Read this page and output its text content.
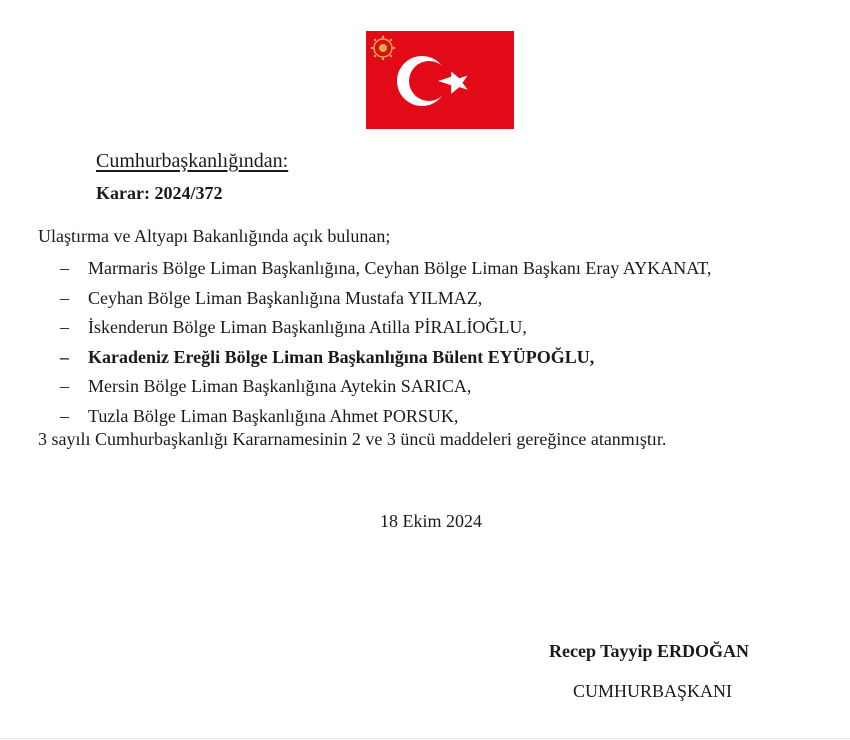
Cumhurbaşkanlığından:
Karar: 2024/372
Ulaştırma ve Altyapı Bakanlığında açık bulunan;
–	Marmaris Bölge Liman Başkanlığına, Ceyhan Bölge Liman Başkanı Eray AYKANAT,
–	Ceyhan Bölge Liman Başkanlığına Mustafa YILMAZ,
–	İskenderun Bölge Liman Başkanlığına Atilla PİRALİOĞLU,
–	Karadeniz Ereğli Bölge Liman Başkanlığına Bülent EYÜPOĞLU,
–	Mersin Bölge Liman Başkanlığına Aytekin SARICA,
–	Tuzla Bölge Liman Başkanlığına Ahmet PORSUK,
3 sayılı Cumhurbaşkanlığı Kararnamesinin 2 ve 3 üncü maddeleri gereğince atanmıştır.
18 Ekim 2024
Recep Tayyip ERDOĞAN
CUMHURBAŞKANI
